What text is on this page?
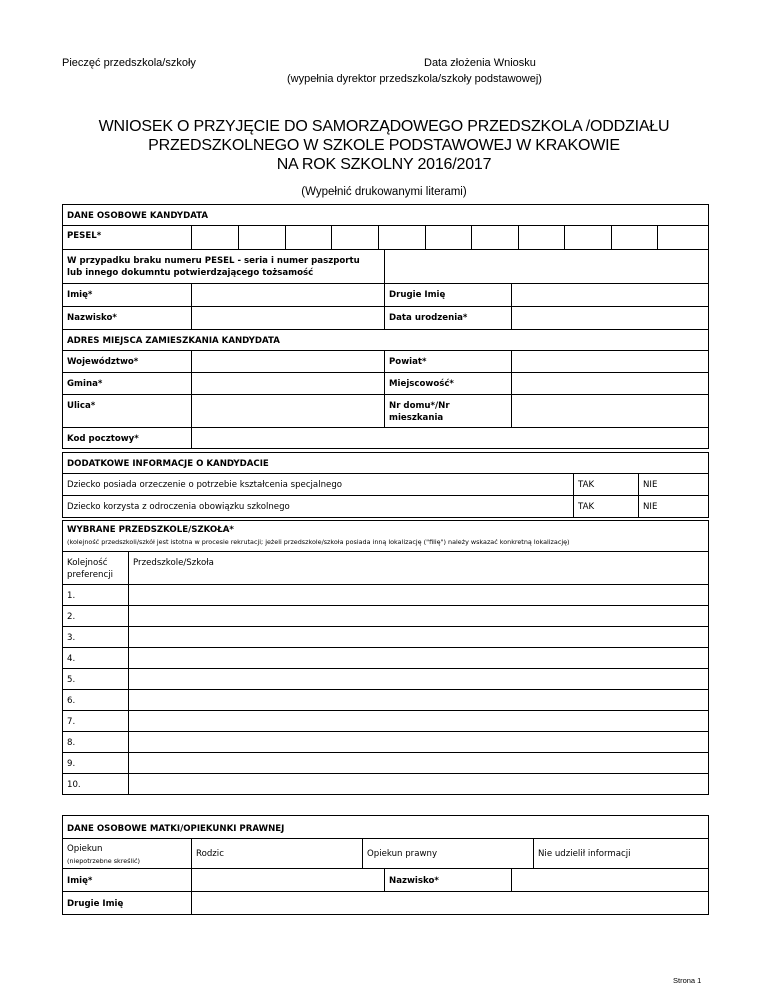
Pieczęć przedszkola/szkoły	Data złożenia Wniosku
(wypełnia dyrektor przedszkola/szkoły podstawowej)
WNIOSEK O PRZYJĘCIE DO SAMORZĄDOWEGO PRZEDSZKOLA /ODDZIAŁU
PRZEDSZKOLNEGO W SZKOLE PODSTAWOWEJ W KRAKOWIE
NA ROK SZKOLNY 2016/2017
(Wypełnić drukowanymi literami)
DANE OSOBOWE KANDYDATA
PESEL*
W przypadku braku numeru PESEL - seria i numer paszportu
lub innego dokumntu potwierdzającego tożsamość
Imię*	Drugie Imię
Nazwisko*	Data urodzenia*
ADRES MIEJSCA ZAMIESZKANIA KANDYDATA
Województwo*	Powiat*
Gmina*	Miejscowość*
Ulica*	Nr domu*/Nr
mieszkania
Kod pocztowy*
DODATKOWE INFORMACJE O KANDYDACIE
Dziecko posiada orzeczenie o potrzebie kształcenia specjalnego	TAK	NIE
Dziecko korzysta z odroczenia obowiązku szkolnego	TAK	NIE
WYBRANE PRZEDSZKOLE/SZKOŁA*
(kolejność przedszkoli/szkół jest istotna w procesie rekrutacji; jeżeli przedszkole/szkoła posiada inną lokalizację ("filię") należy wskazać konkretną lokalizację)
Kolejność
preferencji
Przedszkole/Szkoła
1.
2.
3.
4.
5.
6.
7.
8.
9.
10.
DANE OSOBOWE MATKI/OPIEKUNKI PRAWNEJ
Opiekun
(niepotrzebne skreślić)
Rodzic	Opiekun prawny	Nie udzielił informacji
Imię*	Nazwisko*
Drugie Imię
Strona 1
